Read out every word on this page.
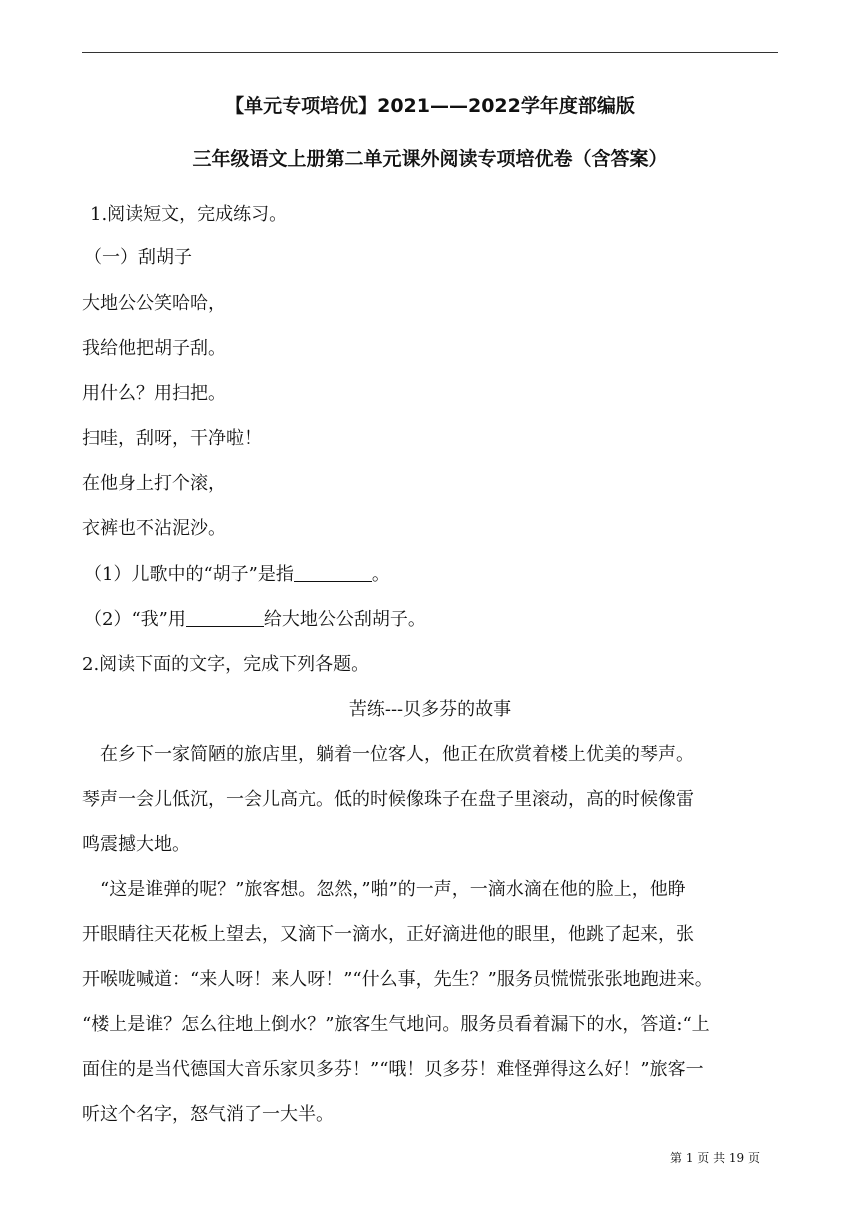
【单元专项培优】2021——2022学年度部编版
三年级语文上册第二单元课外阅读专项培优卷（含答案）
1.阅读短文，完成练习。
（一）刮胡子
大地公公笑哈哈，
我给他把胡子刮。
用什么？用扫把。
扫哇，刮呀，干净啦！
在他身上打个滚，
衣裤也不沾泥沙。
（1）儿歌中的“胡子”是指	。
（2）“我”用	给大地公公刮胡子。
2.阅读下面的文字，完成下列各题。
苦练---贝多芬的故事
　在乡下一家简陋的旅店里，躺着一位客人，他正在欣赏着楼上优美的琴声。
琴声一会儿低沉，一会儿高亢。低的时候像珠子在盘子里滚动，高的时候像雷
鸣震撼大地。
　“这是谁弹的呢？”旅客想。忽然，”啪”的一声，一滴水滴在他的脸上，他睁
开眼睛往天花板上望去，又滴下一滴水，正好滴进他的眼里，他跳了起来，张
开喉咙喊道：“来人呀！来人呀！”“什么事，先生？”服务员慌慌张张地跑进来。
“楼上是谁？怎么往地上倒水？”旅客生气地问。服务员看着漏下的水，答道:“上
面住的是当代德国大音乐家贝多芬！”“哦！贝多芬！难怪弹得这么好！”旅客一
听这个名字，怒气消了一大半。
第 1 页 共 19 页
